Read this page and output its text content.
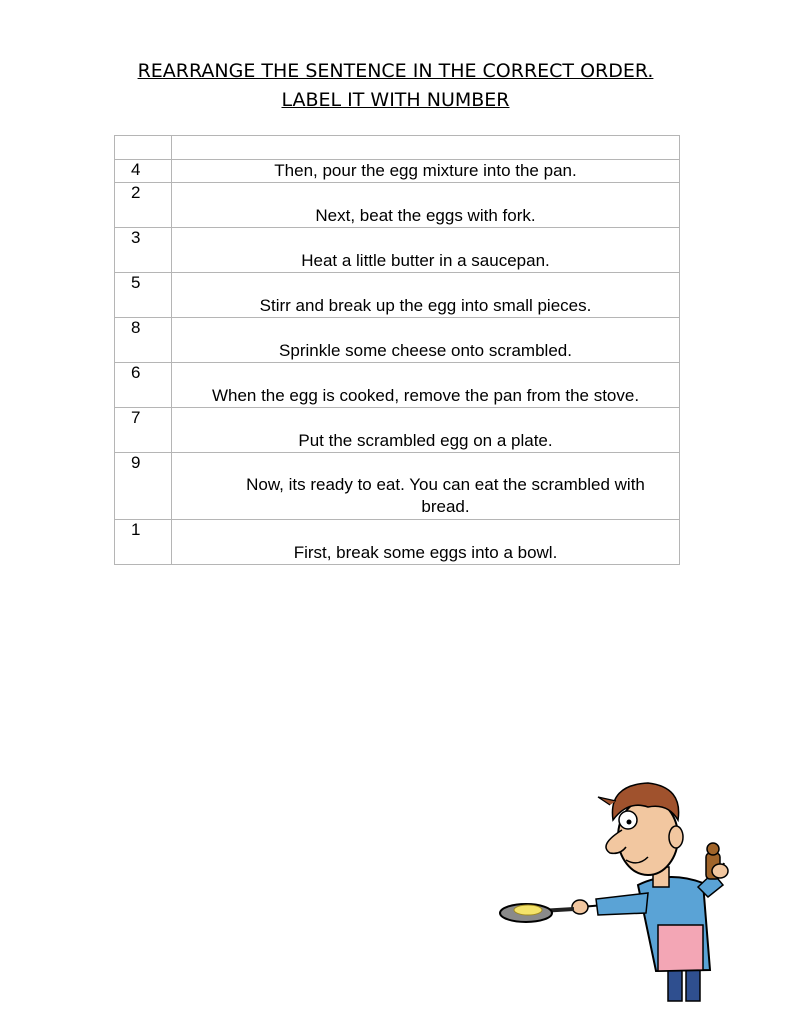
REARRANGE THE SENTENCE IN THE CORRECT ORDER.
LABEL IT WITH NUMBER

4	Then, pour the egg mixture into the pan.

2	Next, beat the eggs with fork.

3	Heat a little butter in a saucepan.

5	Stirr and break up the egg into small pieces.

8	Sprinkle some cheese onto scrambled.

6	When the egg is cooked, remove the pan from the stove.

7	Put the scrambled egg on a plate.

9	Now, its ready to eat. You can eat the scrambled with bread.

1	First, break some eggs into a bowl.
